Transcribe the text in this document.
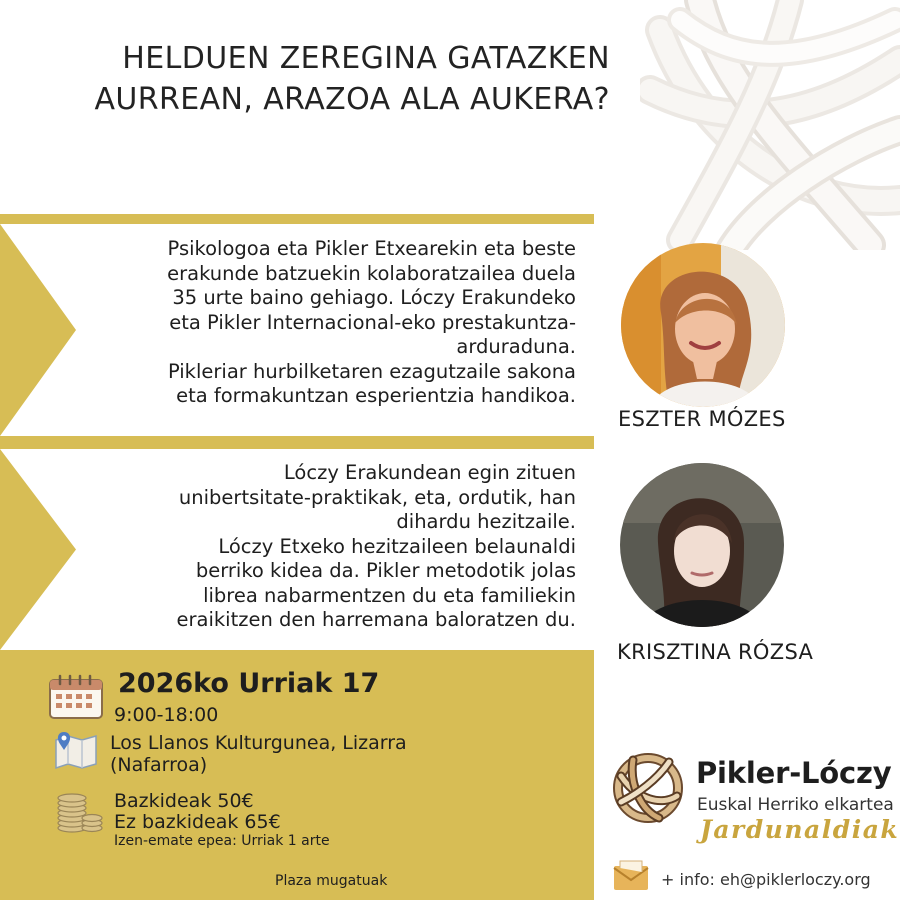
HELDUEN ZEREGINA GATAZKEN
AURREAN, ARAZOA ALA AUKERA?
Psikologoa eta Pikler Etxearekin eta beste
erakunde batzuekin kolaboratzailea duela
35 urte baino gehiago. Lóczy Erakundeko
eta Pikler Internacional-eko prestakuntza-
arduraduna.
Pikleriar hurbilketaren ezagutzaile sakona
eta formakuntzan esperientzia handikoa.
Lóczy Erakundean egin zituen
unibertsitate-praktikak, eta, ordutik, han
dihardu hezitzaile.
Lóczy Etxeko hezitzaileen belaunaldi
berriko kidea da. Pikler metodotik jolas
librea nabarmentzen du eta familiekin
eraikitzen den harremana baloratzen du.
ESZTER MÓZES
KRISZTINA RÓZSA
2026ko Urriak 17
9:00-18:00
Los Llanos Kulturgunea, Lizarra
(Nafarroa)
Bazkideak 50€
Ez bazkideak 65€
Izen-emate epea: Urriak 1 arte
Plaza mugatuak
Pikler-Lóczy
Euskal Herriko elkartea
Jardunaldiak
+ info: eh@piklerloczy.org
